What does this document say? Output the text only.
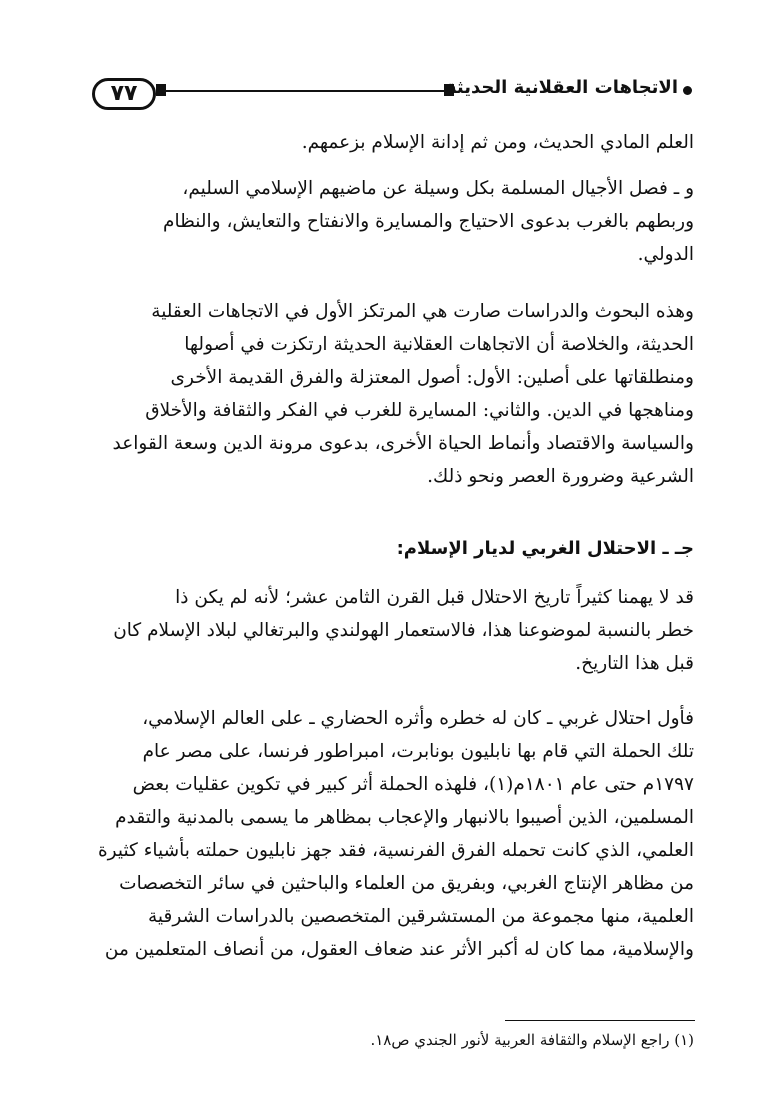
٧٧	الاتجاهات العقلانية الحديثة
العلم المادي الحديث، ومن ثم إدانة الإسلام بزعمهم.
و ـ فصل الأجيال المسلمة بكل وسيلة عن ماضيهم الإسلامي السليم،
وربطهم بالغرب بدعوى الاحتياج والمسايرة والانفتاح والتعايش، والنظام
الدولي.
وهذه البحوث والدراسات صارت هي المرتكز الأول في الاتجاهات العقلية
الحديثة، والخلاصة أن الاتجاهات العقلانية الحديثة ارتكزت في أصولها
ومنطلقاتها على أصلين: الأول: أصول المعتزلة والفرق القديمة الأخرى
ومناهجها في الدين. والثاني: المسايرة للغرب في الفكر والثقافة والأخلاق
والسياسة والاقتصاد وأنماط الحياة الأخرى، بدعوى مرونة الدين وسعة القواعد
الشرعية وضرورة العصر ونحو ذلك.
جـ ـ الاحتلال الغربي لديار الإسلام:
قد لا يهمنا كثيراً تاريخ الاحتلال قبل القرن الثامن عشر؛ لأنه لم يكن ذا
خطر بالنسبة لموضوعنا هذا، فالاستعمار الهولندي والبرتغالي لبلاد الإسلام كان
قبل هذا التاريخ.
فأول احتلال غربي ـ كان له خطره وأثره الحضاري ـ على العالم الإسلامي،
تلك الحملة التي قام بها نابليون بونابرت، امبراطور فرنسا، على مصر عام
١٧٩٧م حتى عام ١٨٠١م(١)، فلهذه الحملة أثر كبير في تكوين عقليات بعض
المسلمين، الذين أصيبوا بالانبهار والإعجاب بمظاهر ما يسمى بالمدنية والتقدم
العلمي، الذي كانت تحمله الفرق الفرنسية، فقد جهز نابليون حملته بأشياء كثيرة
من مظاهر الإنتاج الغربي، وبفريق من العلماء والباحثين في سائر التخصصات
العلمية، منها مجموعة من المستشرقين المتخصصين بالدراسات الشرقية
والإسلامية، مما كان له أكبر الأثر عند ضعاف العقول، من أنصاف المتعلمين من
(١) راجع الإسلام والثقافة العربية لأنور الجندي ص١٨.
